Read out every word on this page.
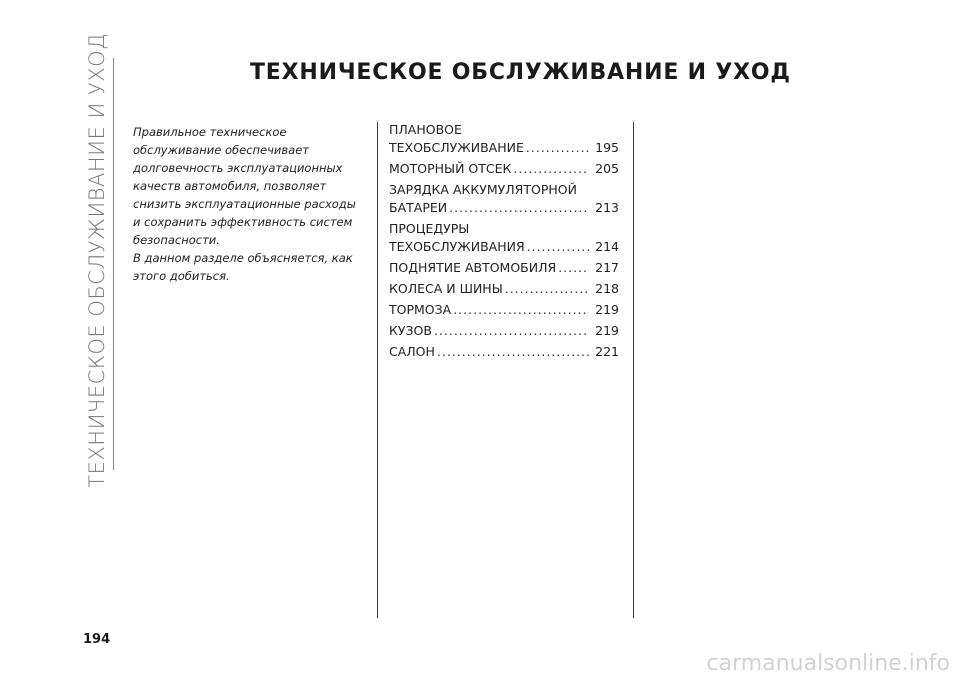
ТЕХНИЧЕСКОЕ ОБСЛУЖИВАНИЕ И УХОД	ТЕХНИЧЕСКОЕ ОБСЛУЖИВАНИЕ И УХОД

Правильное техническое обслуживание обеспечивает долговечность эксплуатационных качеств автомобиля, позволяет снизить эксплуатационные расходы и сохранить эффективность систем безопасности.

В данном разделе объясняется, как этого добиться.

ПЛАНОВОЕ
ТЕХОБСЛУЖИВАНИЕ .....	195
МОТОРНЫЙ ОТСЕК .....	205
ЗАРЯДКА АККУМУЛЯТОРНОЙ
БАТАРЕИ .....	213
ПРОЦЕДУРЫ
ТЕХОБСЛУЖИВАНИЯ .....	214
ПОДНЯТИЕ АВТОМОБИЛЯ .....	217
КОЛЕСА И ШИНЫ .....	218
ТОРМОЗА .....	219
КУЗОВ .....	219
САЛОН .....	221
194
carmanualsonline.info
